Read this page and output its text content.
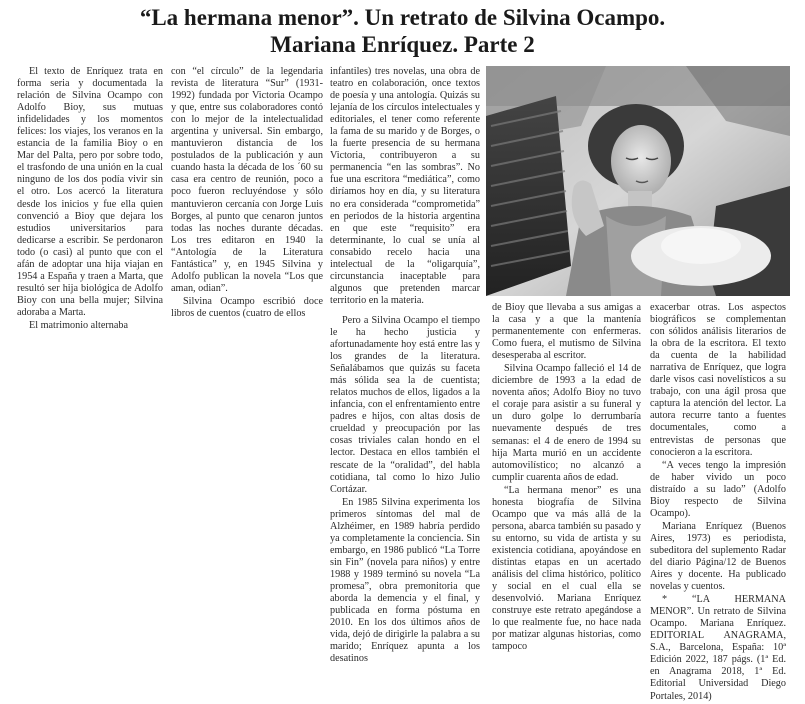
“La hermana menor”. Un retrato de Silvina Ocampo.
Mariana Enríquez. Parte 2

El texto de Enríquez trata en forma seria y documentada la relación de Silvina Ocampo con Adolfo Bioy, sus mutuas infidelidades y los momentos felices: los viajes, los veranos en la estancia de la familia Bioy o en Mar del Palta, pero por sobre todo, el trasfondo de una unión en la cual ninguno de los dos podía vivir sin el otro. Los acercó la literatura desde los inicios y fue ella quien convenció a Bioy que dejara los estudios universitarios para dedicarse a escribir. Se perdonaron todo (o casi) al punto que con el afán de adoptar una hija viajan en 1954 a España y traen a Marta, que resultó ser hija biológica de Adolfo Bioy con una bella mujer; Silvina adoraba a Marta.

El matrimonio alternaba

con “el círculo” de la legendaria revista de literatura “Sur” (1931-1992) fundada por Victoria Ocampo y que, entre sus colaboradores contó con lo mejor de la intelectualidad argentina y universal. Sin embargo, mantuvieron distancia de los postulados de la publicación y aun cuando hasta la década de los ´60 su casa era centro de reunión, poco a poco fueron recluyéndose y sólo mantuvieron cercanía con Jorge Luis Borges, al punto que cenaron juntos todas las noches durante décadas. Los tres editaron en 1940 la “Antología de la Literatura Fantástica” y, en 1945 Silvina y Adolfo publican la novela “Los que aman, odian”.

Silvina Ocampo escribió doce libros de cuentos (cuatro de ellos

infantiles) tres novelas, una obra de teatro en colaboración, once textos de poesía y una antología. Quizás su lejanía de los círculos intelectuales y editoriales, el tener como referente la fama de su marido y de Borges, o la fuerte presencia de su hermana Victoria, contribuyeron a su permanencia “en las sombras”. No fue una escritora “mediática”, como diríamos hoy en día, y su literatura no era considerada “comprometida” en periodos de la historia argentina en que este “requisito” era determinante, lo cual se unía al consabido recelo hacia una intelectual de la “oligarquía”, circunstancia inaceptable para algunos que pretenden marcar territorio en la materia.

Pero a Silvina Ocampo el tiempo le ha hecho justicia y afortunadamente hoy está entre las y los grandes de la literatura. Señalábamos que quizás su faceta más sólida sea la de cuentista; relatos muchos de ellos, ligados a la infancia, con el enfrentamiento entre padres e hijos, con altas dosis de crueldad y preocupación por las cosas triviales calan hondo en el lector. Destaca en ellos también el rescate de la “oralidad”, del habla cotidiana, tal como lo hizo Julio Cortázar.

En 1985 Silvina experimenta los primeros síntomas del mal de Alzhéimer, en 1989 habría perdido ya completamente la conciencia. Sin embargo, en 1986 publicó “La Torre sin Fin” (novela para niños) y entre 1988 y 1989 terminó su novela “La promesa”, obra premonitoria que aborda la demencia y el final, y publicada en forma póstuma en 2010. En los dos últimos años de vida, dejó de dirigirle la palabra a su marido; Enríquez apunta a los desatinos

de Bioy que llevaba a sus amigas a la casa y a que la mantenía permanentemente con enfermeras. Como fuera, el mutismo de Silvina desesperaba al escritor.

Silvina Ocampo falleció el 14 de diciembre de 1993 a la edad de noventa años; Adolfo Bioy no tuvo el coraje para asistir a su funeral y un duro golpe lo derrumbaría nuevamente después de tres semanas: el 4 de enero de 1994 su hija Marta murió en un accidente automovilístico; no alcanzó a cumplir cuarenta años de edad.

“La hermana menor” es una honesta biografía de Silvina Ocampo que va más allá de la persona, abarca también su pasado y su entorno, su vida de artista y su existencia cotidiana, apoyándose en distintas etapas en un acertado análisis del clima histórico, político y social en el cual ella se desenvolvió. Mariana Enríquez construye este retrato apegándose a lo que realmente fue, no hace nada por matizar algunas historias, como tampoco

exacerbar otras. Los aspectos biográficos se complementan con sólidos análisis literarios de la obra de la escritora. El texto da cuenta de la habilidad narrativa de Enríquez, que logra darle visos casi novelísticos a su trabajo, con una ágil prosa que captura la atención del lector. La autora recurre tanto a fuentes documentales, como a entrevistas de personas que conocieron a la escritora.

“A veces tengo la impresión de haber vivido un poco distraído a su lado” (Adolfo Bioy respecto de Silvina Ocampo).

Mariana Enríquez (Buenos Aires, 1973) es periodista, subeditora del suplemento Radar del diario Página/12 de Buenos Aires y docente. Ha publicado novelas y cuentos.

* “LA HERMANA MENOR”. Un retrato de Silvina Ocampo. Mariana Enríquez. EDITORIAL ANAGRAMA, S.A., Barcelona, España: 10ª Edición 2022, 187 págs. (1ª Ed. en Anagrama 2018, 1ª Ed. Editorial Universidad Diego Portales, 2014)
